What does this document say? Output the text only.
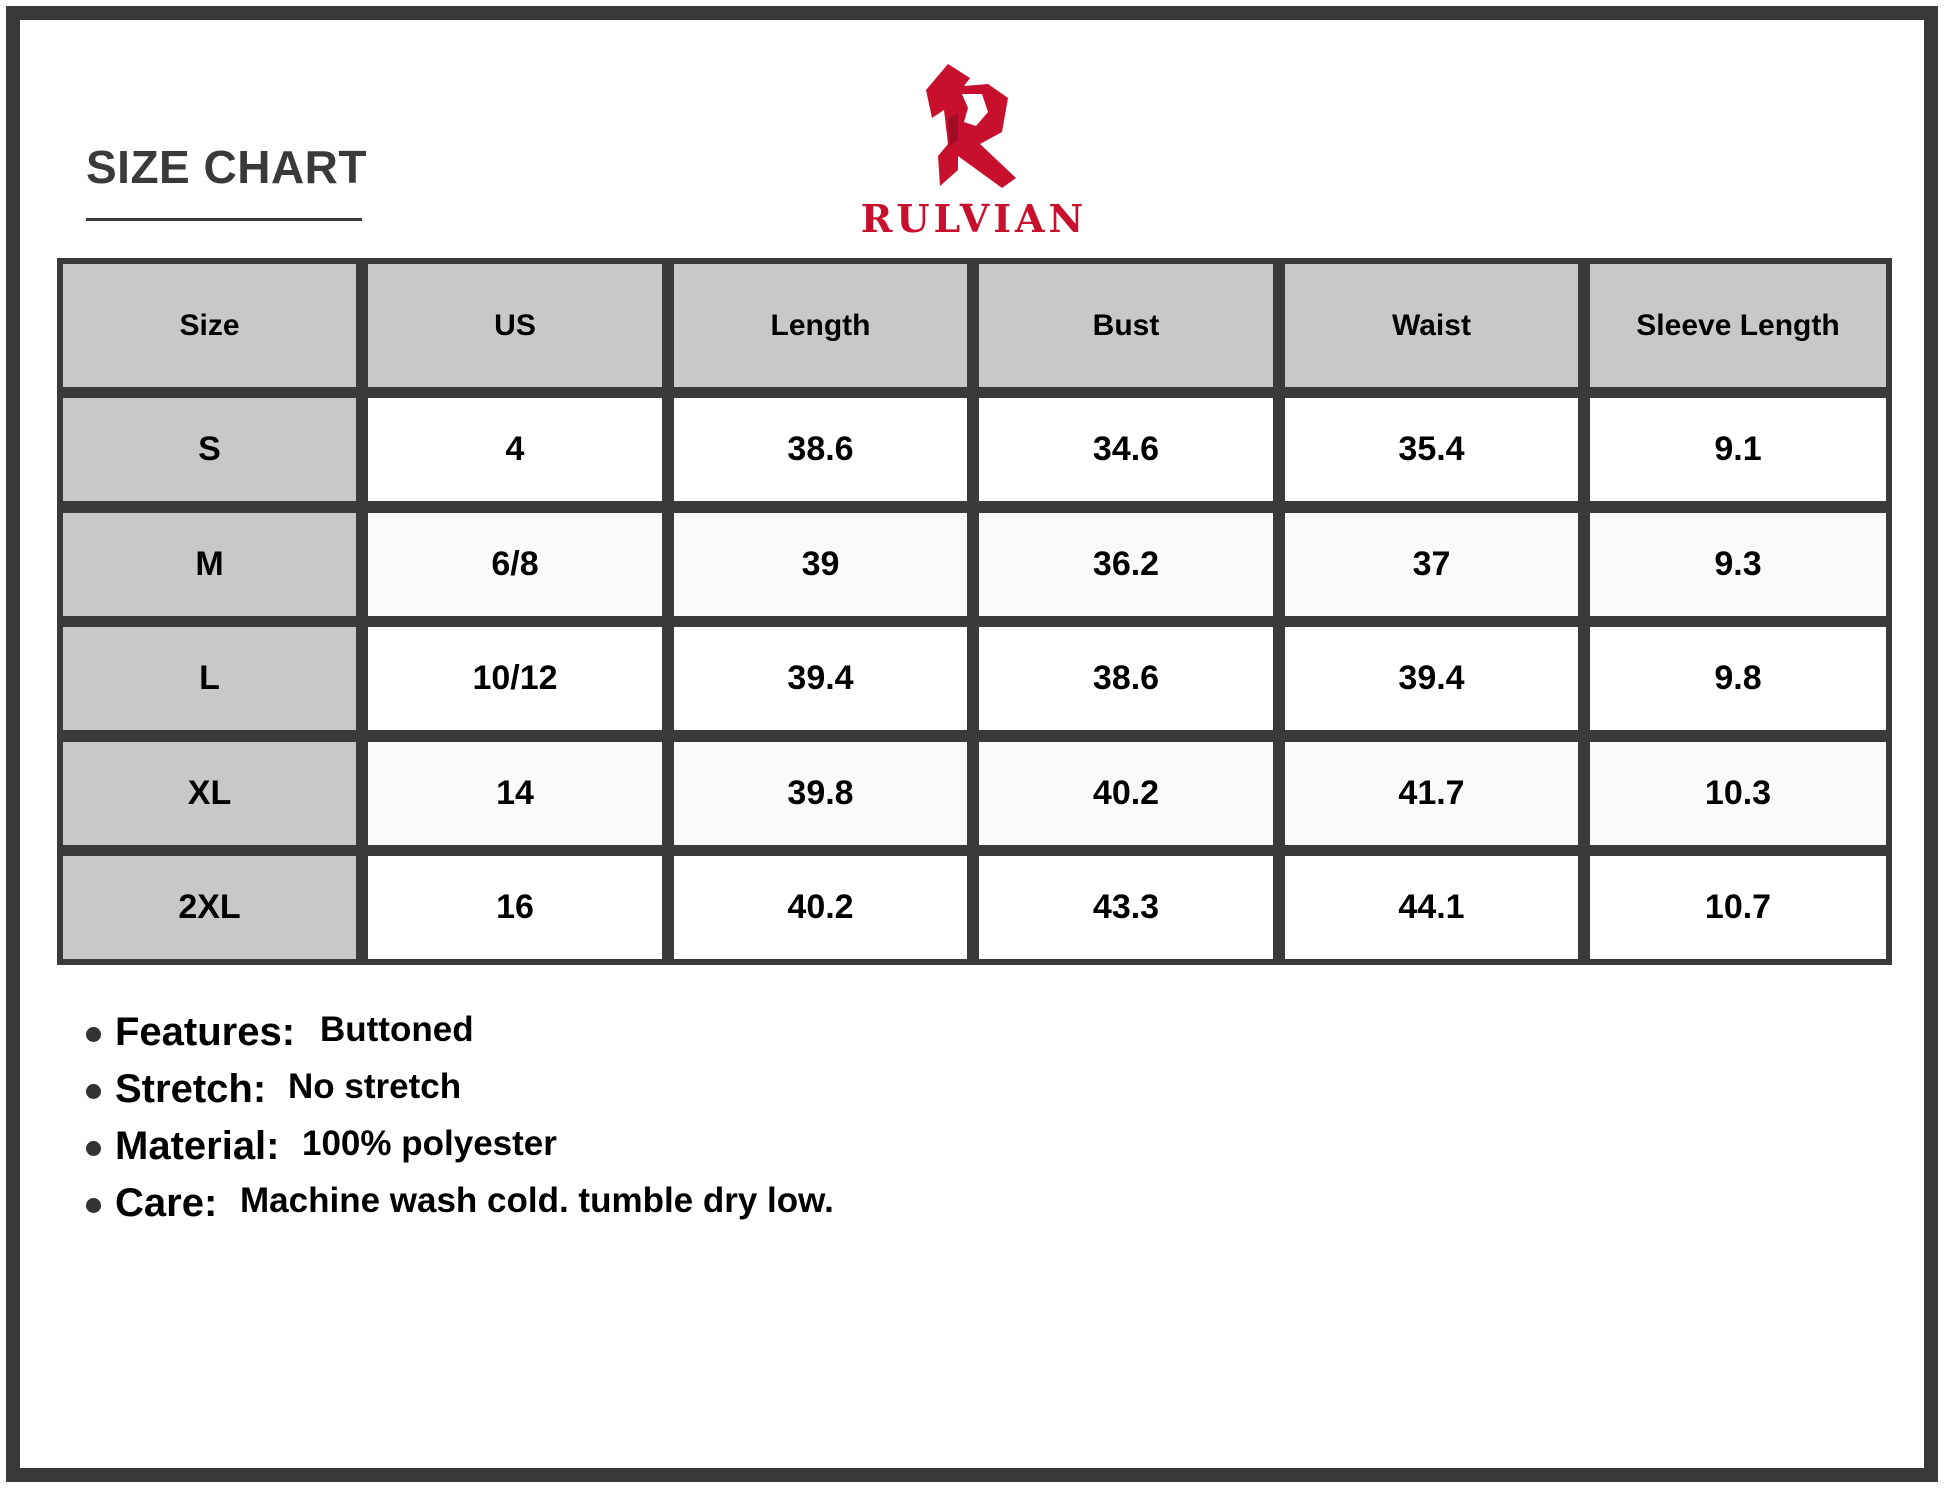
SIZE CHART
RULVIAN
Size	US	Length	Bust	Waist	Sleeve Length
S	4	38.6	34.6	35.4	9.1
M	6/8	39	36.2	37	9.3
L	10/12	39.4	38.6	39.4	9.8
XL	14	39.8	40.2	41.7	10.3
2XL	16	40.2	43.3	44.1	10.7
Features: Buttoned
Stretch: No stretch
Material: 100% polyester
Care: Machine wash cold. tumble dry low.
